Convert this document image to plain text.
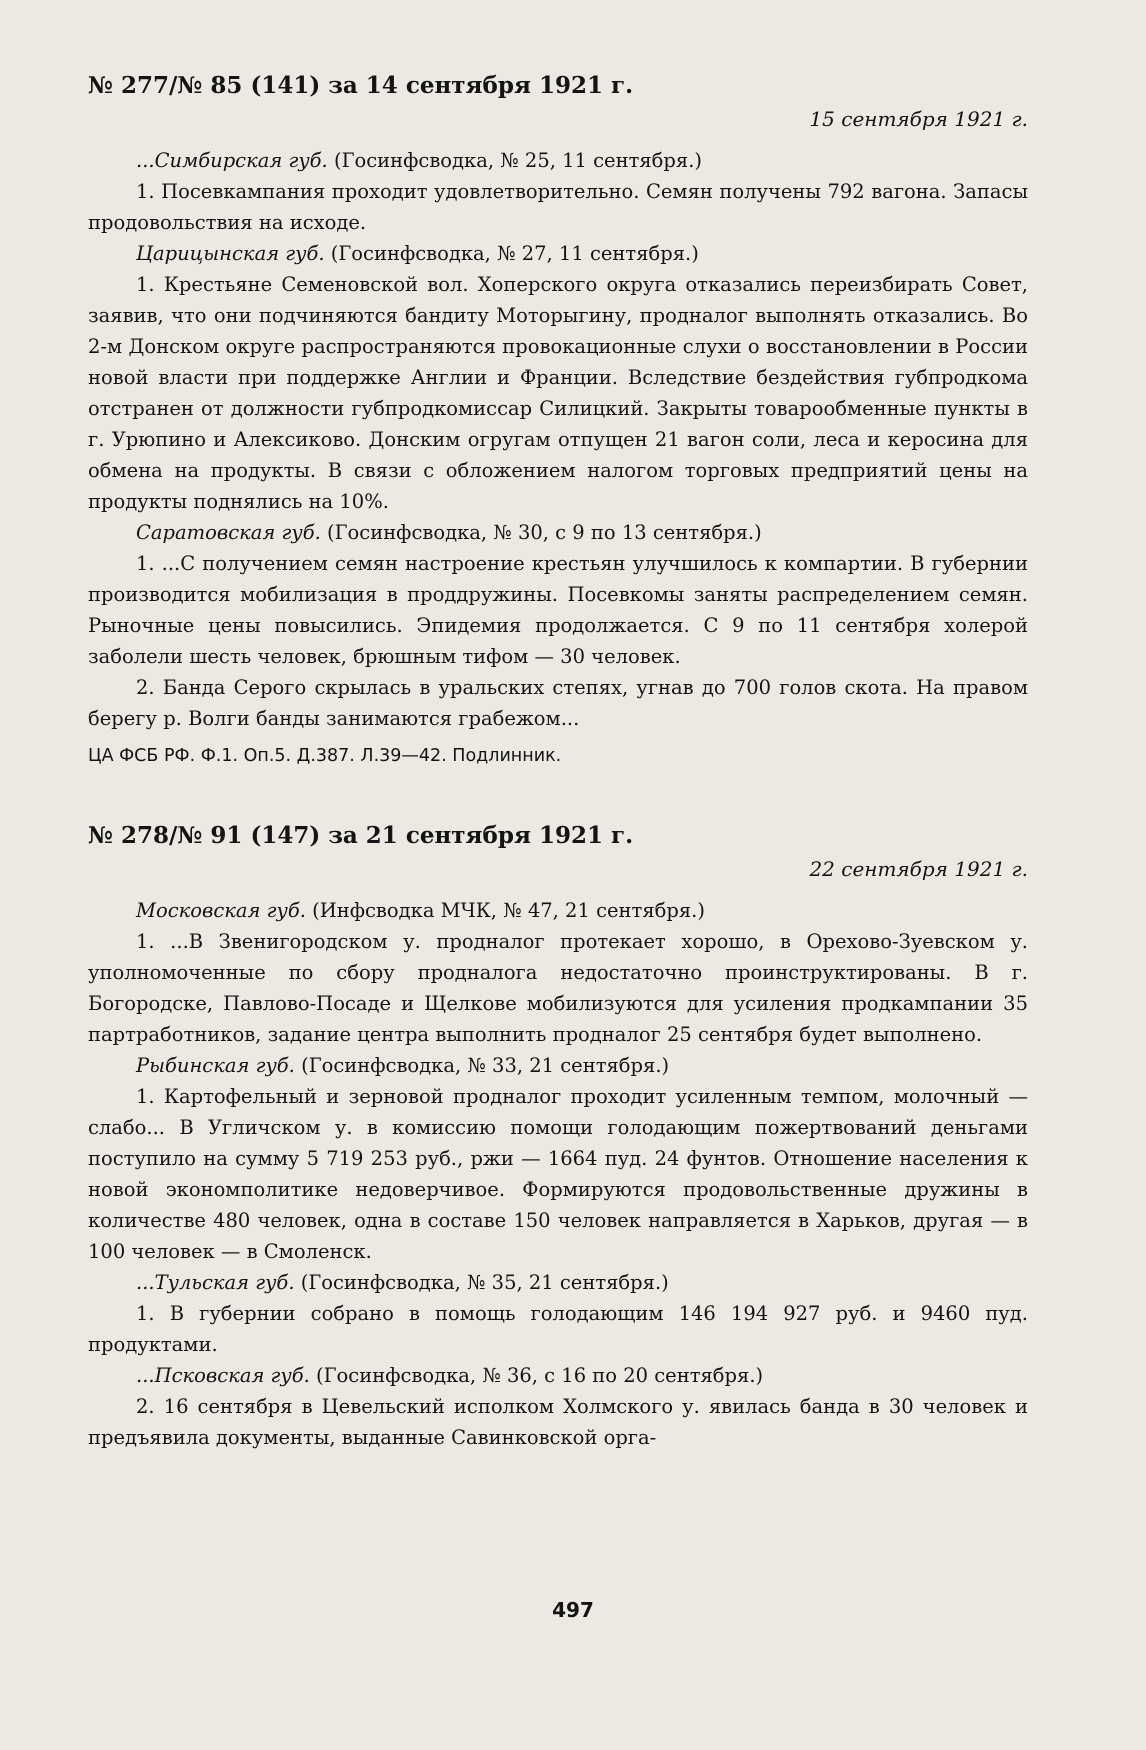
№ 277/№ 85 (141) за 14 сентября 1921 г.
15 сентября 1921 г.

...Симбирская губ. (Госинфсводка, № 25, 11 сентября.)

1. Посевкампания проходит удовлетворительно. Семян получены 792 вагона. Запасы продовольствия на исходе.

Царицынская губ. (Госинфсводка, № 27, 11 сентября.)

1. Крестьяне Семеновской вол. Хоперского округа отказались переизбирать Совет, заявив, что они подчиняются бандиту Моторыгину, продналог выполнять отказались. Во 2-м Донском округе распространяются провокационные слухи о восстановлении в России новой власти при поддержке Англии и Франции. Вследствие бездействия губпродкома отстранен от должности губпродкомиссар Силицкий. Закрыты товарообменные пункты в г. Урюпино и Алексиково. Донским огругам отпущен 21 вагон соли, леса и керосина для обмена на продукты. В связи с обложением налогом торговых предприятий цены на продукты поднялись на 10%.

Саратовская губ. (Госинфсводка, № 30, с 9 по 13 сентября.)

1. ...С получением семян настроение крестьян улучшилось к компартии. В губернии производится мобилизация в проддружины. Посевкомы заняты распределением семян. Рыночные цены повысились. Эпидемия продолжается. С 9 по 11 сентября холерой заболели шесть человек, брюшным тифом — 30 человек.

2. Банда Серого скрылась в уральских степях, угнав до 700 голов скота. На правом берегу р. Волги банды занимаются грабежом...

ЦА ФСБ РФ. Ф.1. Оп.5. Д.387. Л.39—42. Подлинник.
№ 278/№ 91 (147) за 21 сентября 1921 г.
22 сентября 1921 г.

Московская губ. (Инфсводка МЧК, № 47, 21 сентября.)

1. ...В Звенигородском у. продналог протекает хорошо, в Орехово-Зуевском у. уполномоченные по сбору продналога недостаточно проинструктированы. В г. Богородске, Павлово-Посаде и Щелкове мобилизуются для усиления продкампании 35 партработников, задание центра выполнить продналог 25 сентября будет выполнено.

Рыбинская губ. (Госинфсводка, № 33, 21 сентября.)

1. Картофельный и зерновой продналог проходит усиленным темпом, молочный — слабо... В Угличском у. в комиссию помощи голодающим пожертвований деньгами поступило на сумму 5 719 253 руб., ржи — 1664 пуд. 24 фунтов. Отношение населения к новой экономполитике недоверчивое. Формируются продовольственные дружины в количестве 480 человек, одна в составе 150 человек направляется в Харьков, другая — в 100 человек — в Смоленск.

...Тульская губ. (Госинфсводка, № 35, 21 сентября.)

1. В губернии собрано в помощь голодающим 146 194 927 руб. и 9460 пуд. продуктами.

...Псковская губ. (Госинфсводка, № 36, с 16 по 20 сентября.)

2. 16 сентября в Цевельский исполком Холмского у. явилась банда в 30 человек и предъявила документы, выданные Савинковской орга-

497
